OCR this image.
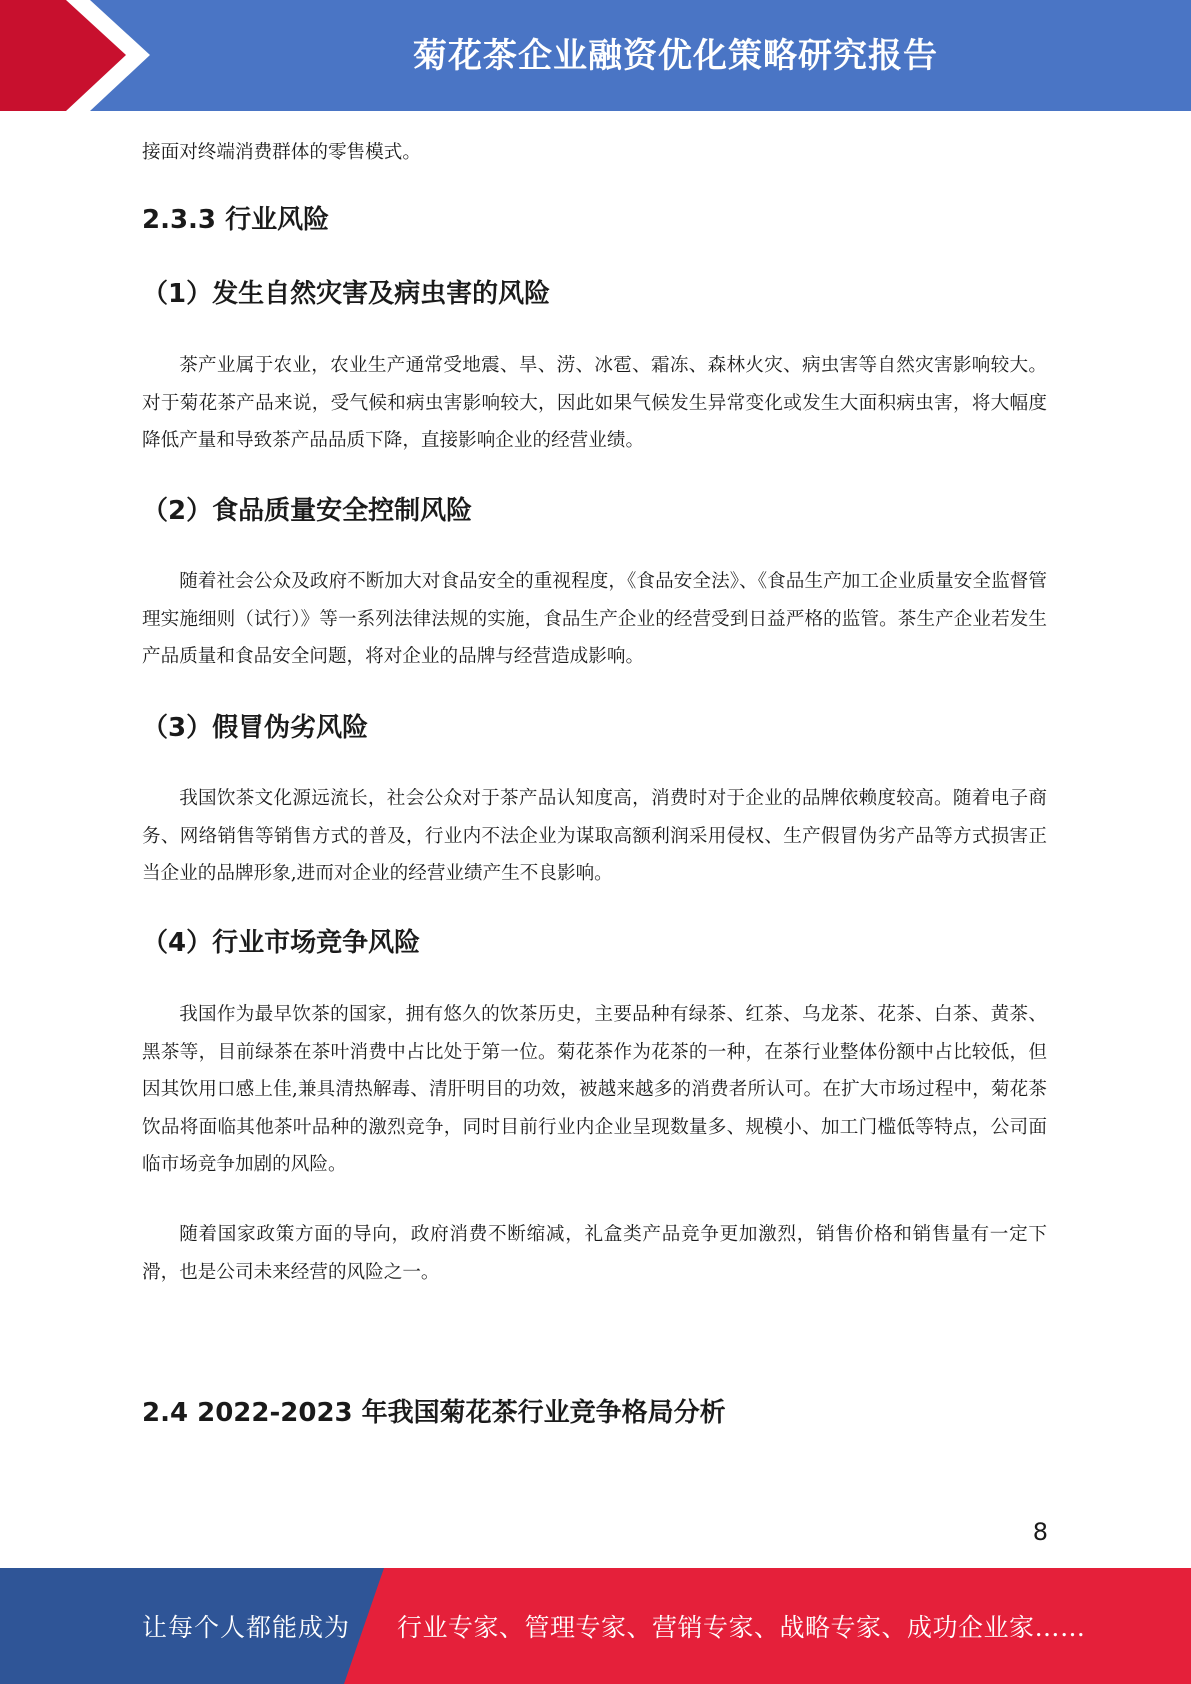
菊花茶企业融资优化策略研究报告
接面对终端消费群体的零售模式。
2.3.3 行业风险
（1）发生自然灾害及病虫害的风险

茶产业属于农业，农业生产通常受地震、旱、涝、冰雹、霜冻、森林火灾、病虫害等自然灾害影响较大。对于菊花茶产品来说，受气候和病虫害影响较大，因此如果气候发生异常变化或发生大面积病虫害，将大幅度降低产量和导致茶产品品质下降，直接影响企业的经营业绩。

（2）食品质量安全控制风险

随着社会公众及政府不断加大对食品安全的重视程度，《食品安全法》、《食品生产加工企业质量安全监督管理实施细则（试行）》等一系列法律法规的实施，食品生产企业的经营受到日益严格的监管。茶生产企业若发生产品质量和食品安全问题，将对企业的品牌与经营造成影响。

（3）假冒伪劣风险

我国饮茶文化源远流长，社会公众对于茶产品认知度高，消费时对于企业的品牌依赖度较高。随着电子商务、网络销售等销售方式的普及，行业内不法企业为谋取高额利润采用侵权、生产假冒伪劣产品等方式损害正当企业的品牌形象,进而对企业的经营业绩产生不良影响。

（4）行业市场竞争风险

我国作为最早饮茶的国家，拥有悠久的饮茶历史，主要品种有绿茶、红茶、乌龙茶、花茶、白茶、黄茶、黑茶等，目前绿茶在茶叶消费中占比处于第一位。菊花茶作为花茶的一种，在茶行业整体份额中占比较低，但因其饮用口感上佳,兼具清热解毒、清肝明目的功效，被越来越多的消费者所认可。在扩大市场过程中，菊花茶饮品将面临其他茶叶品种的激烈竞争，同时目前行业内企业呈现数量多、规模小、加工门槛低等特点，公司面临市场竞争加剧的风险。

随着国家政策方面的导向，政府消费不断缩减，礼盒类产品竞争更加激烈，销售价格和销售量有一定下滑，也是公司未来经营的风险之一。

2.4 2022-2023 年我国菊花茶行业竞争格局分析
8
让每个人都能成为 行业专家、管理专家、营销专家、战略专家、成功企业家……
